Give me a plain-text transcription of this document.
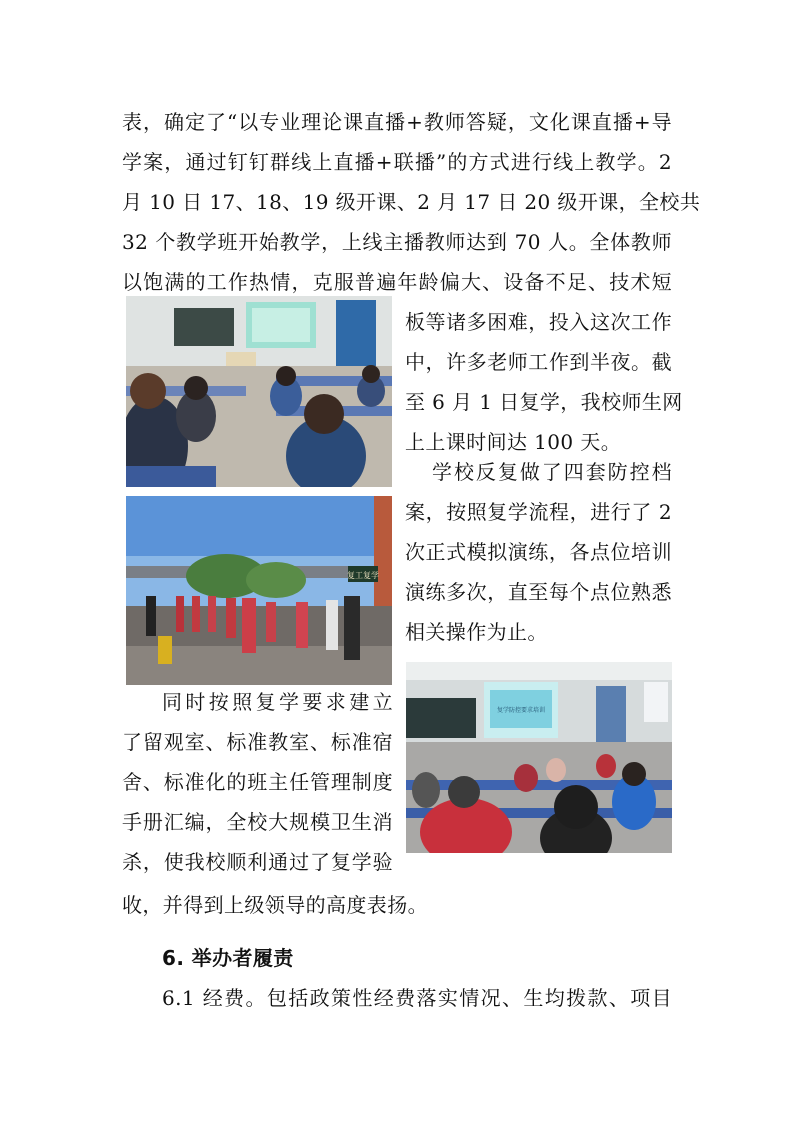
表，确定了“以专业理论课直播+教师答疑，文化课直播+导
学案，通过钉钉群线上直播+联播”的方式进行线上教学。2
月 10 日 17、18、19 级开课、2 月 17 日 20 级开课，全校共
32 个教学班开始教学，上线主播教师达到 70 人。全体教师
以饱满的工作热情，克服普遍年龄偏大、设备不足、技术短
板等诸多困难，投入这次工作
中，许多老师工作到半夜。截
至 6 月 1 日复学，我校师生网
上上课时间达 100 天。
学校反复做了四套防控档
案，按照复学流程，进行了 2
次正式模拟演练，各点位培训
演练多次，直至每个点位熟悉
相关操作为止。
同时按照复学要求建立
了留观室、标准教室、标准宿
舍、标准化的班主任管理制度
手册汇编，全校大规模卫生消
杀，使我校顺利通过了复学验
收，并得到上级领导的高度表扬。
6. 举办者履责
6.1 经费。包括政策性经费落实情况、生均拨款、项目
复工复学
复学防控要求培训
